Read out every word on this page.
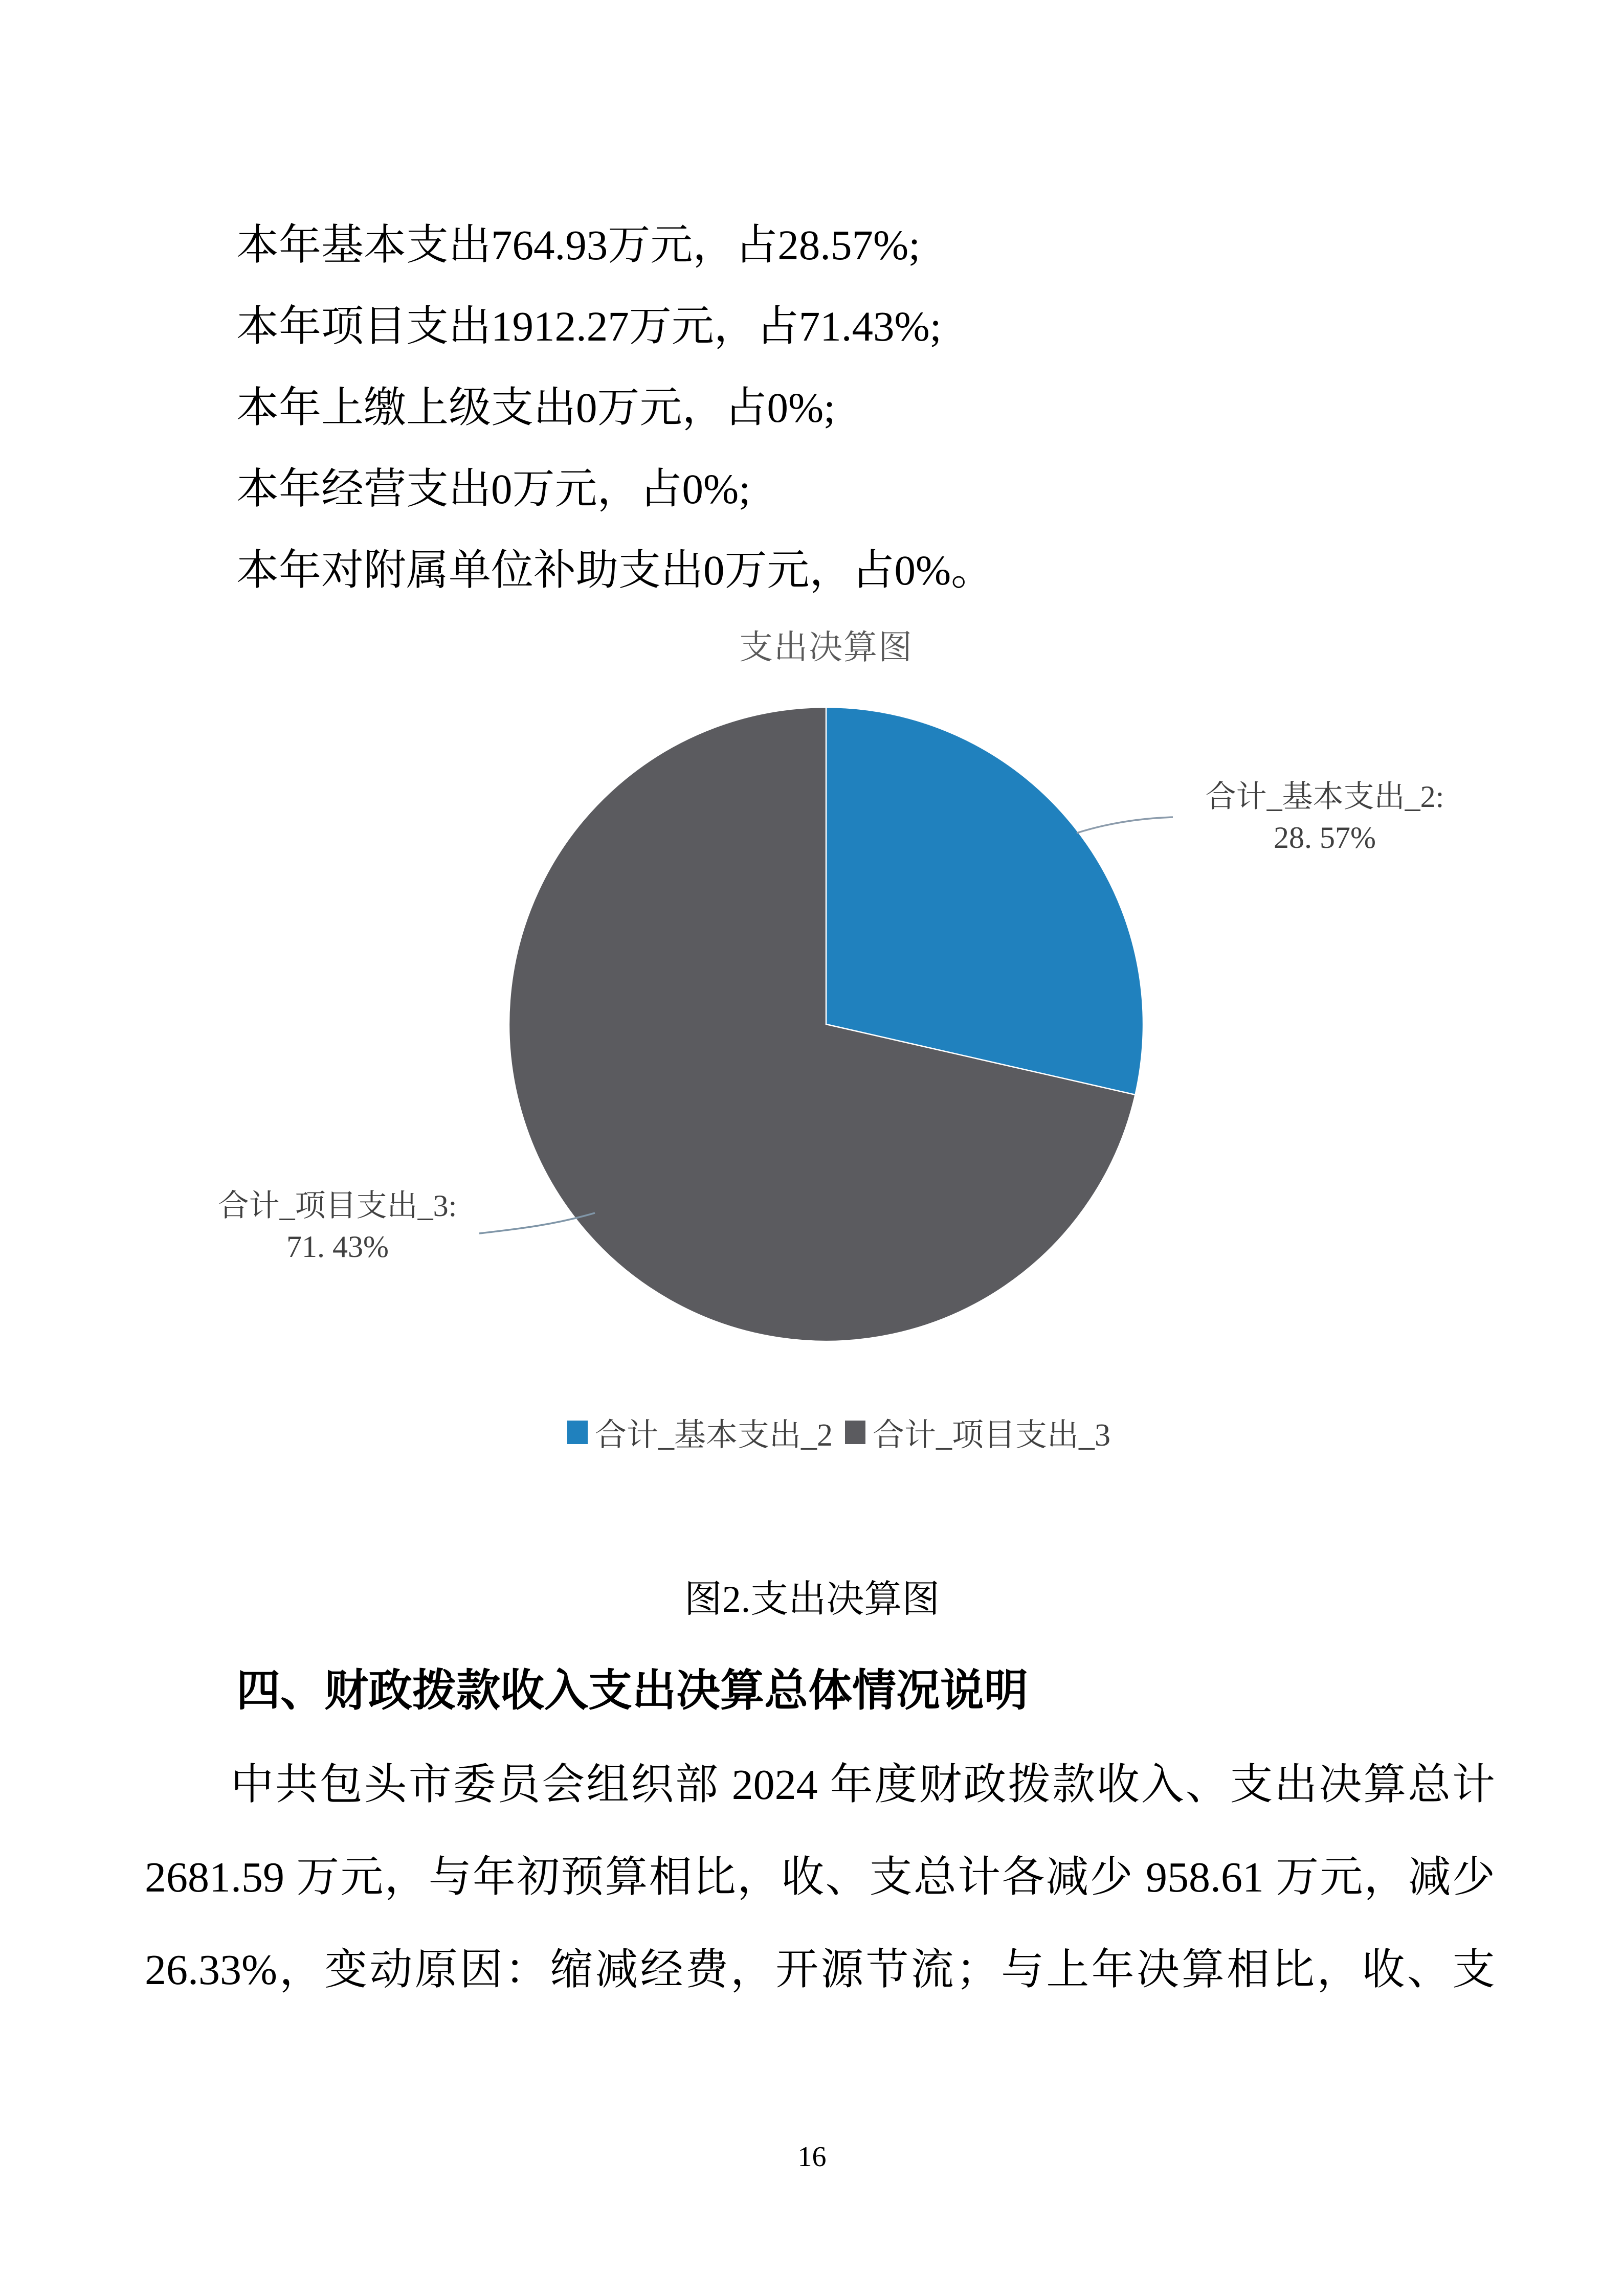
本年基本支出764.93万元，占28.57%;
本年项目支出1912.27万元，占71.43%;
本年上缴上级支出0万元，占0%;
本年经营支出0万元，占0%;
本年对附属单位补助支出0万元，占0%。
支出决算图
合计_基本支出_2:
28. 57%
合计_项目支出_3:
71. 43%
合计_基本支出_2 合计_项目支出_3
图2.支出决算图
四、财政拨款收入支出决算总体情况说明
中共包头市委员会组织部 2024 年度财政拨款收入、支出决算总计
2681.59 万元，与年初预算相比，收、支总计各减少 958.61 万元，减少
26.33%，变动原因：缩减经费，开源节流；与上年决算相比，收、支
16
